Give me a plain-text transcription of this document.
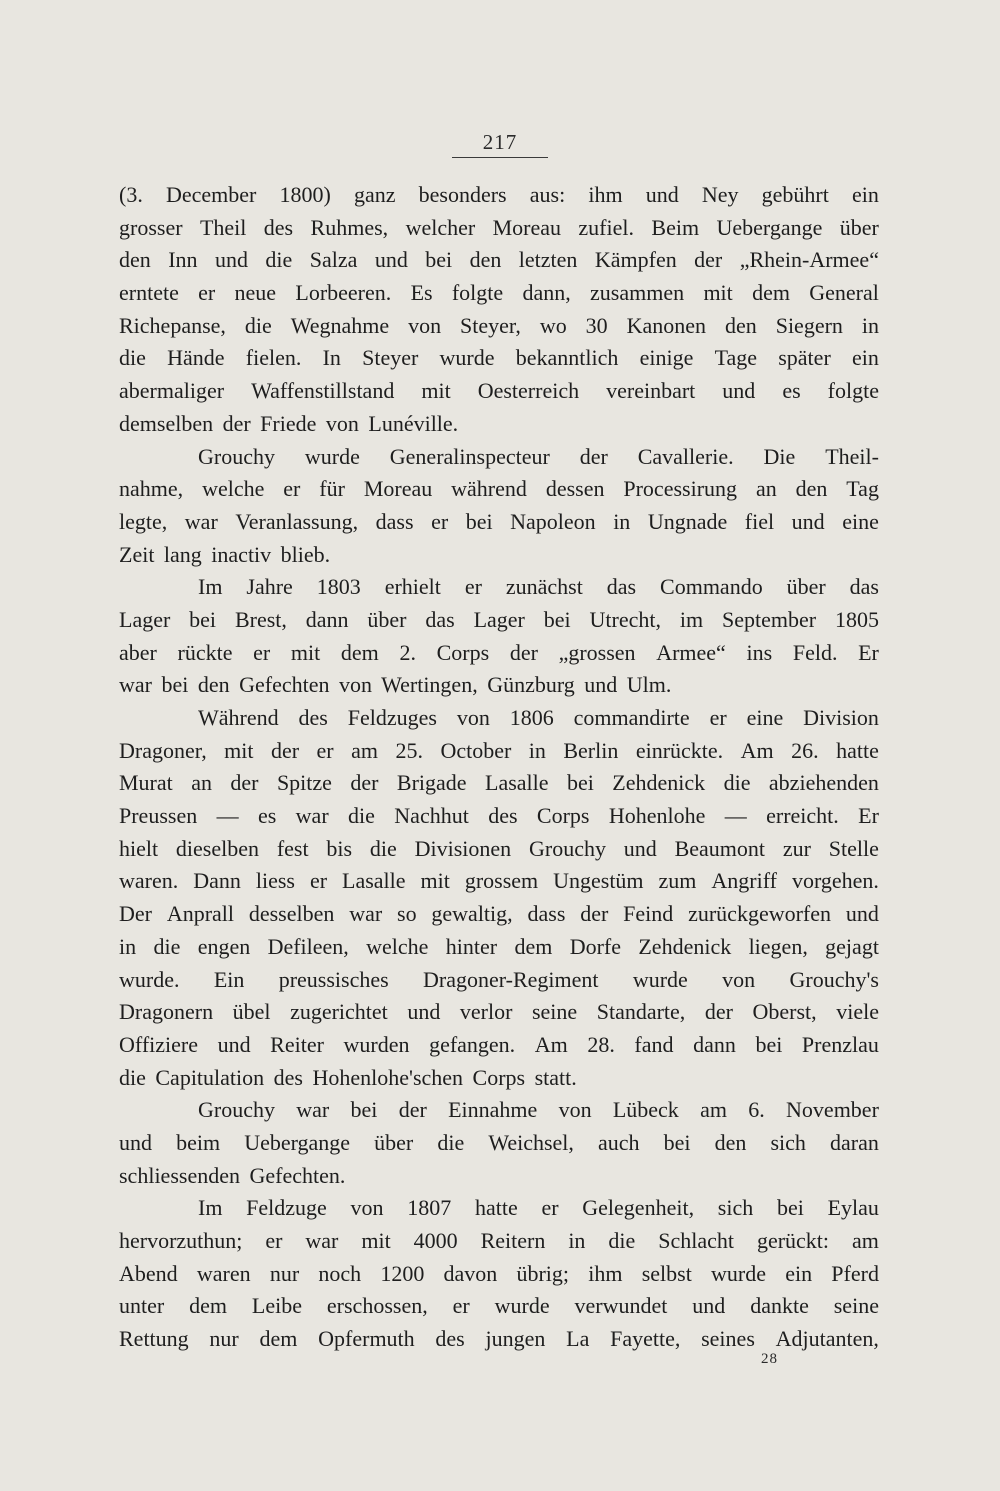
217
(3. December 1800) ganz besonders aus: ihm und Ney gebührt ein
grosser Theil des Ruhmes, welcher Moreau zufiel. Beim Uebergange über
den Inn und die Salza und bei den letzten Kämpfen der „Rhein-Armee“
erntete er neue Lorbeeren. Es folgte dann, zusammen mit dem General
Richepanse, die Wegnahme von Steyer, wo 30 Kanonen den Siegern in
die Hände fielen. In Steyer wurde bekanntlich einige Tage später ein
abermaliger Waffenstillstand mit Oesterreich vereinbart und es folgte
demselben der Friede von Lunéville.
Grouchy wurde Generalinspecteur der Cavallerie. Die Theil-
nahme, welche er für Moreau während dessen Processirung an den Tag
legte, war Veranlassung, dass er bei Napoleon in Ungnade fiel und eine
Zeit lang inactiv blieb.
Im Jahre 1803 erhielt er zunächst das Commando über das
Lager bei Brest, dann über das Lager bei Utrecht, im September 1805
aber rückte er mit dem 2. Corps der „grossen Armee“ ins Feld. Er
war bei den Gefechten von Wertingen, Günzburg und Ulm.
Während des Feldzuges von 1806 commandirte er eine Division
Dragoner, mit der er am 25. October in Berlin einrückte. Am 26. hatte
Murat an der Spitze der Brigade Lasalle bei Zehdenick die abziehenden
Preussen — es war die Nachhut des Corps Hohenlohe — erreicht. Er
hielt dieselben fest bis die Divisionen Grouchy und Beaumont zur Stelle
waren. Dann liess er Lasalle mit grossem Ungestüm zum Angriff vorgehen.
Der Anprall desselben war so gewaltig, dass der Feind zurückgeworfen und
in die engen Defileen, welche hinter dem Dorfe Zehdenick liegen, gejagt
wurde. Ein preussisches Dragoner-Regiment wurde von Grouchy's
Dragonern übel zugerichtet und verlor seine Standarte, der Oberst, viele
Offiziere und Reiter wurden gefangen. Am 28. fand dann bei Prenzlau
die Capitulation des Hohenlohe'schen Corps statt.
Grouchy war bei der Einnahme von Lübeck am 6. November
und beim Uebergange über die Weichsel, auch bei den sich daran
schliessenden Gefechten.
Im Feldzuge von 1807 hatte er Gelegenheit, sich bei Eylau
hervorzuthun; er war mit 4000 Reitern in die Schlacht gerückt: am
Abend waren nur noch 1200 davon übrig; ihm selbst wurde ein Pferd
unter dem Leibe erschossen, er wurde verwundet und dankte seine
Rettung nur dem Opfermuth des jungen La Fayette, seines Adjutanten,
28
